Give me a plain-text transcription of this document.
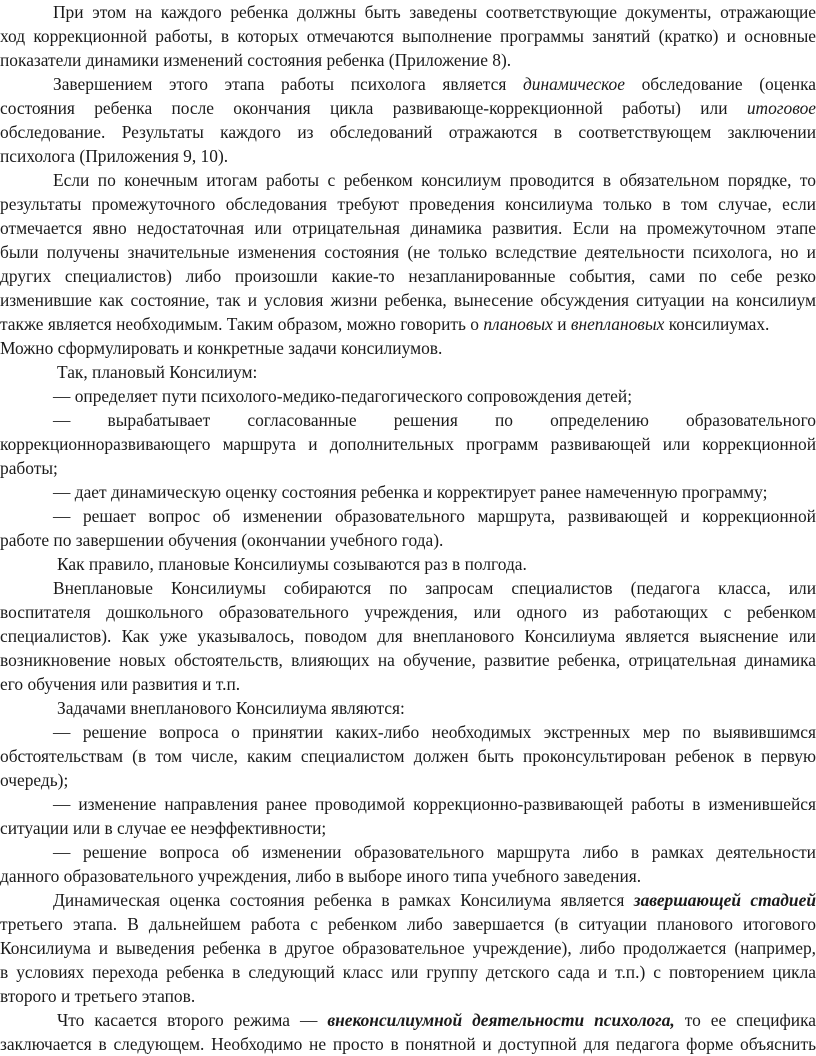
При этом на каждого ребенка должны быть заведены соответствующие документы, отражающие
ход коррекционной работы, в которых отмечаются выполнение программы занятий (кратко) и основные
показатели динамики изменений состояния ребенка (Приложение 8).
Завершением этого этапа работы психолога является динамическое обследование (оценка
состояния ребенка после окончания цикла развивающе-коррекционной работы) или итоговое
обследование. Результаты каждого из обследований отражаются в соответствующем заключении
психолога (Приложения 9, 10).
Если по конечным итогам работы с ребенком консилиум проводится в обязательном порядке, то
результаты промежуточного обследования требуют проведения консилиума только в том случае, если
отмечается явно недостаточная или отрицательная динамика развития. Если на промежуточном этапе
были получены значительные изменения состояния (не только вследствие деятельности психолога, но и
других специалистов) либо произошли какие-то незапланированные события, сами по себе резко
изменившие как состояние, так и условия жизни ребенка, вынесение обсуждения ситуации на консилиум
также является необходимым. Таким образом, можно говорить о плановых и внеплановых консилиумах.
Можно сформулировать и конкретные задачи консилиумов.
Так, плановый Консилиум:
— определяет пути психолого-медико-педагогического сопровождения детей;
— вырабатывает согласованные решения по определению образовательного
коррекционноразвивающего маршрута и дополнительных программ развивающей или коррекционной
работы;
— дает динамическую оценку состояния ребенка и корректирует ранее намеченную программу;
— решает вопрос об изменении образовательного маршрута, развивающей и коррекционной
работе по завершении обучения (окончании учебного года).
Как правило, плановые Консилиумы созываются раз в полгода.
Внеплановые Консилиумы собираются по запросам специалистов (педагога класса, или
воспитателя дошкольного образовательного учреждения, или одного из работающих с ребенком
специалистов). Как уже указывалось, поводом для внепланового Консилиума является выяснение или
возникновение новых обстоятельств, влияющих на обучение, развитие ребенка, отрицательная динамика
его обучения или развития и т.п.
Задачами внепланового Консилиума являются:
— решение вопроса о принятии каких-либо необходимых экстренных мер по выявившимся
обстоятельствам (в том числе, каким специалистом должен быть проконсультирован ребенок в первую
очередь);
— изменение направления ранее проводимой коррекционно-развивающей работы в изменившейся
ситуации или в случае ее неэффективности;
— решение вопроса об изменении образовательного маршрута либо в рамках деятельности
данного образовательного учреждения, либо в выборе иного типа учебного заведения.
Динамическая оценка состояния ребенка в рамках Консилиума является завершающей стадией
третьего этапа. В дальнейшем работа с ребенком либо завершается (в ситуации планового итогового
Консилиума и выведения ребенка в другое образовательное учреждение), либо продолжается (например,
в условиях перехода ребенка в следующий класс или группу детского сада и т.п.) с повторением цикла
второго и третьего этапов.
Что касается второго режима — внеконсилиумной деятельности психолога, то ее специфика
заключается в следующем. Необходимо не просто в понятной и доступной для педагога форме объяснить
